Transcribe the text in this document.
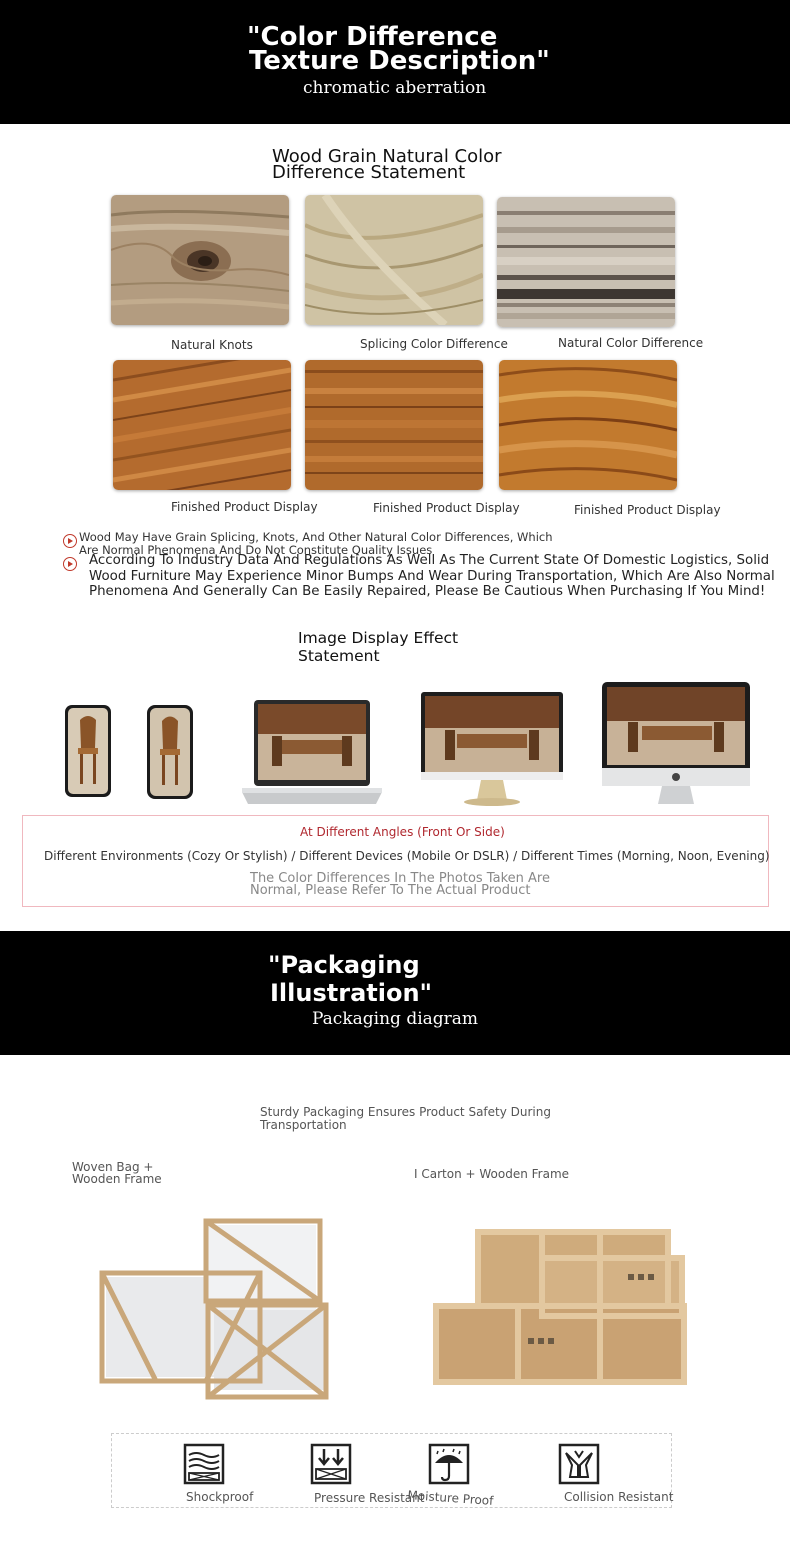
"Color Difference
Texture Description"
chromatic aberration
Wood Grain Natural Color
Difference Statement
Natural Knots	Splicing Color Difference	Natural Color Difference
Finished Product Display	Finished Product Display	Finished Product Display
Wood May Have Grain Splicing, Knots, And Other Natural Color Differences, Which
Are Normal Phenomena And Do Not Constitute Quality Issues
According To Industry Data And Regulations As Well As The Current State Of Domestic Logistics, Solid
Wood Furniture May Experience Minor Bumps And Wear During Transportation, Which Are Also Normal
Phenomena And Generally Can Be Easily Repaired, Please Be Cautious When Purchasing If You Mind!
Image Display Effect
Statement
At Different Angles (Front Or Side)
Different Environments (Cozy Or Stylish) / Different Devices (Mobile Or DSLR) / Different Times (Morning, Noon, Evening)
The Color Differences In The Photos Taken Are
Normal, Please Refer To The Actual Product
"Packaging
Illustration"
Packaging diagram
Sturdy Packaging Ensures Product Safety During
Transportation
Woven Bag +
Wooden Frame	I Carton + Wooden Frame
Shockproof	Pressure Resistant
Moisture Proof	Collision Resistant
